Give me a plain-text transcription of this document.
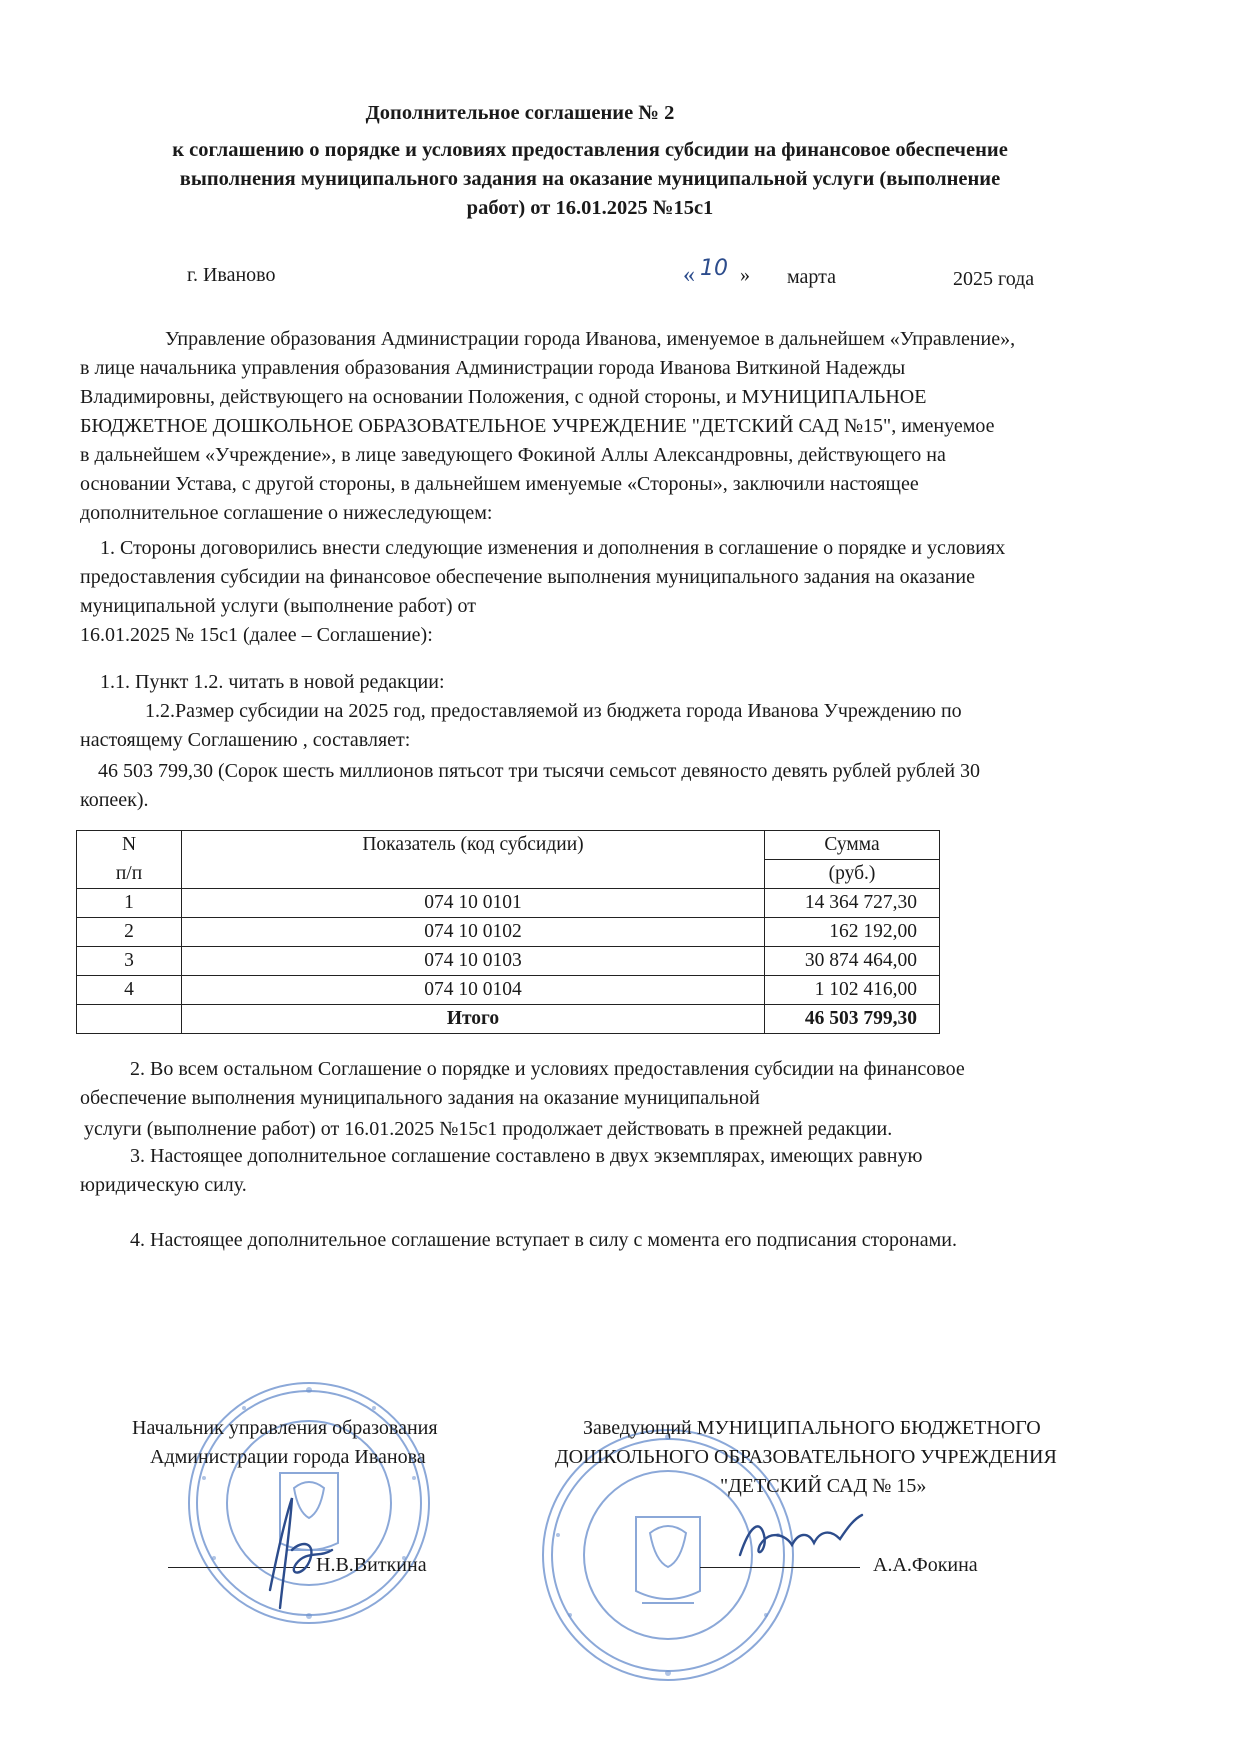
Дополнительное соглашение № 2
к соглашению о порядке и условиях предоставления субсидии на финансовое обеспечение
выполнения муниципального задания на оказание муниципальной услуги (выполнение
работ) от 16.01.2025 №15с1
г. Иваново	« 10 » марта	2025 года
Управление образования Администрации города Иванова, именуемое в дальнейшем «Управление»,
в лице начальника управления образования Администрации города Иванова Виткиной Надежды
Владимировны, действующего на основании Положения, с одной стороны, и МУНИЦИПАЛЬНОЕ
БЮДЖЕТНОЕ ДОШКОЛЬНОЕ ОБРАЗОВАТЕЛЬНОЕ УЧРЕЖДЕНИЕ "ДЕТСКИЙ САД №15", именуемое
в дальнейшем «Учреждение», в лице заведующего Фокиной Аллы Александровны, действующего на
основании Устава, с другой стороны, в дальнейшем именуемые «Стороны», заключили настоящее
дополнительное соглашение о нижеследующем:
1. Стороны договорились внести следующие изменения и дополнения в соглашение о порядке и условиях
предоставления субсидии на финансовое обеспечение выполнения муниципального задания на оказание
муниципальной услуги (выполнение работ) от
16.01.2025 № 15с1 (далее – Соглашение):
1.1. Пункт 1.2. читать в новой редакции:
1.2.Размер субсидии на 2025 год, предоставляемой из бюджета города Иванова Учреждению по
настоящему Соглашению , составляет:
46 503 799,30 (Сорок шесть миллионов пятьсот три тысячи семьсот девяносто девять рублей рублей 30
копеек).
N	Показатель (код субсидии)	Сумма
п/п		(руб.)
1	074 10 0101	14 364 727,30
2	074 10 0102	162 192,00
3	074 10 0103	30 874 464,00
4	074 10 0104	1 102 416,00
	Итого	46 503 799,30
2. Во всем остальном Соглашение о порядке и условиях предоставления субсидии на финансовое
обеспечение выполнения муниципального задания на оказание муниципальной
услуги (выполнение работ) от 16.01.2025 №15с1 продолжает действовать в прежней редакции.
3. Настоящее дополнительное соглашение составлено в двух экземплярах, имеющих равную
юридическую силу.
4. Настоящее дополнительное соглашение вступает в силу с момента его подписания сторонами.
Начальник управления образования
Администрации города Иванова
Н.В.Виткина
Заведующий МУНИЦИПАЛЬНОГО БЮДЖЕТНОГО
ДОШКОЛЬНОГО ОБРАЗОВАТЕЛЬНОГО УЧРЕЖДЕНИЯ
"ДЕТСКИЙ САД № 15»
А.А.Фокина
